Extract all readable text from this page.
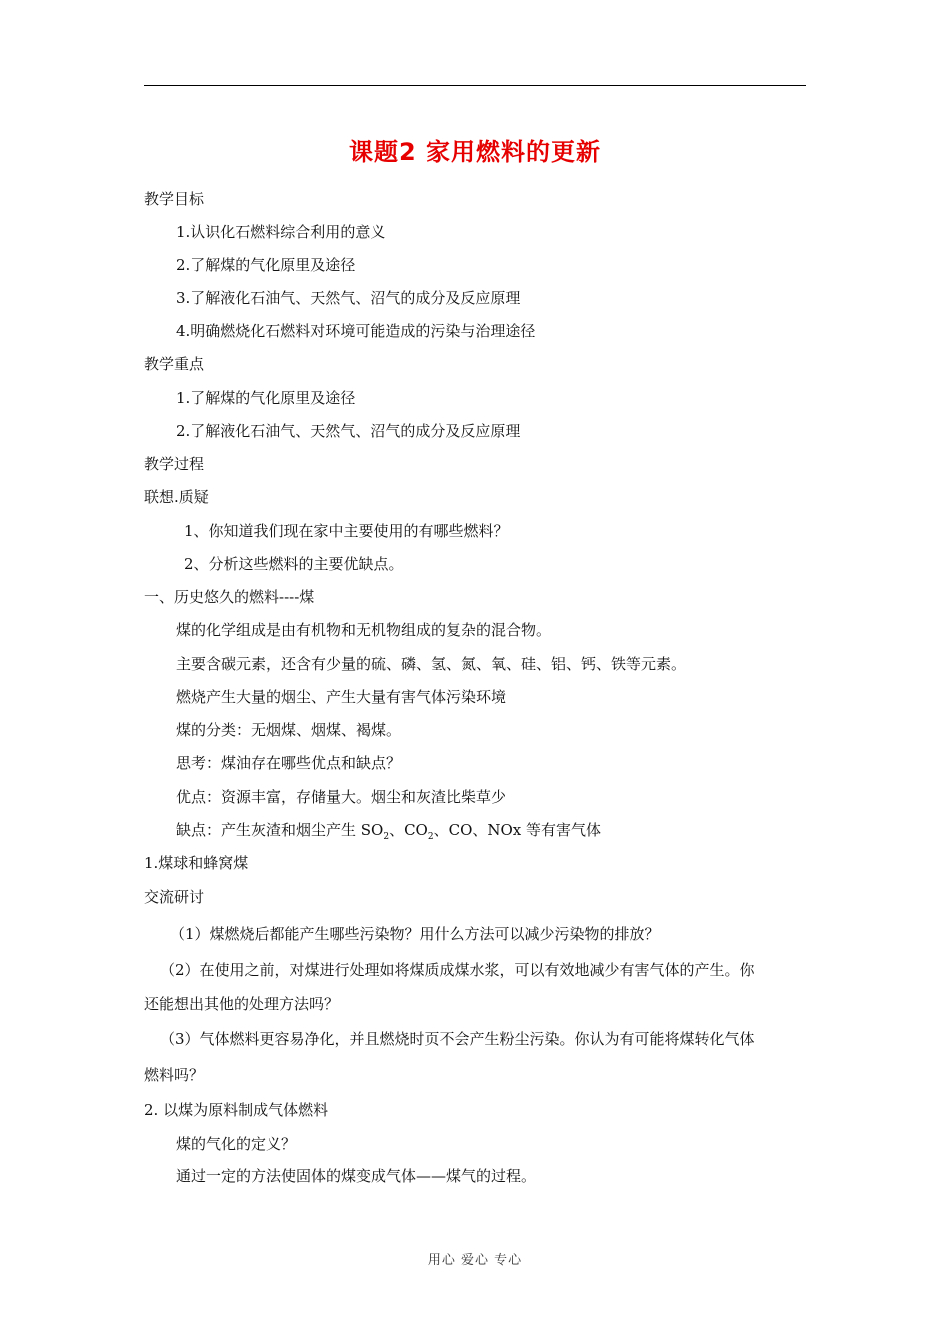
课题2 家用燃料的更新
教学目标
1.认识化石燃料综合利用的意义
2.了解煤的气化原里及途径
3.了解液化石油气、天然气、沼气的成分及反应原理
4.明确燃烧化石燃料对环境可能造成的污染与治理途径
教学重点
1.了解煤的气化原里及途径
2.了解液化石油气、天然气、沼气的成分及反应原理
教学过程
联想.质疑
1、你知道我们现在家中主要使用的有哪些燃料？
2、分析这些燃料的主要优缺点。
一、历史悠久的燃料----煤
煤的化学组成是由有机物和无机物组成的复杂的混合物。
主要含碳元素，还含有少量的硫、磷、氢、氮、氧、硅、铝、钙、铁等元素。
燃烧产生大量的烟尘、产生大量有害气体污染环境
煤的分类：无烟煤、烟煤、褐煤。
思考：煤油存在哪些优点和缺点？
优点：资源丰富，存储量大。烟尘和灰渣比柴草少
缺点：产生灰渣和烟尘产生 $SO_2$、$CO_2$、CO、NOx 等有害气体
1.煤球和蜂窝煤
交流研讨
（1）煤燃烧后都能产生哪些污染物？用什么方法可以减少污染物的排放？
（2）在使用之前，对煤进行处理如将煤质成煤水浆，可以有效地减少有害气体的产生。你
还能想出其他的处理方法吗？
（3）气体燃料更容易净化，并且燃烧时页不会产生粉尘污染。你认为有可能将煤转化气体
燃料吗？
2. 以煤为原料制成气体燃料
煤的气化的定义？
通过一定的方法使固体的煤变成气体——煤气的过程。
用心 爱心 专心
